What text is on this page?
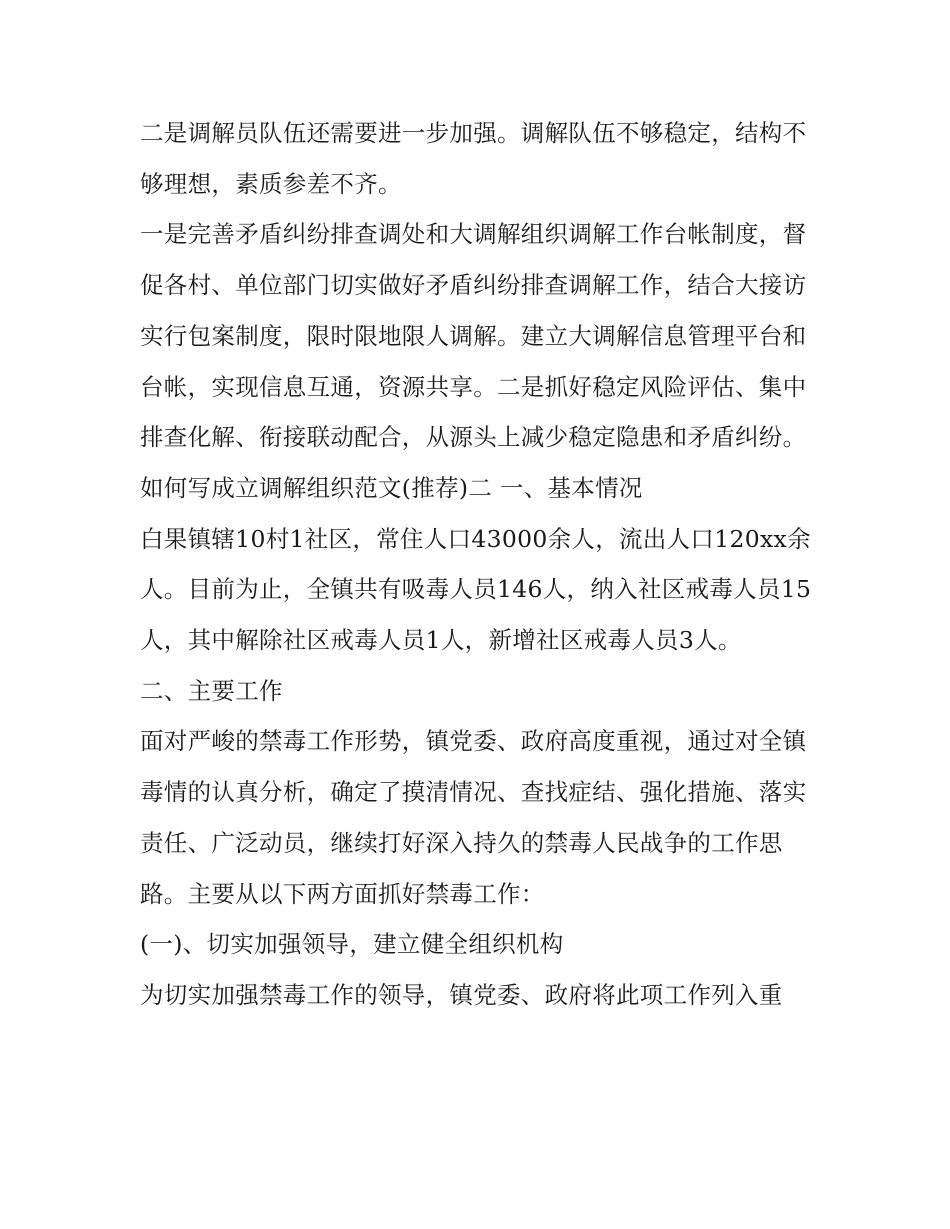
二是调解员队伍还需要进一步加强。调解队伍不够稳定，结构不够理想，素质参差不齐。

一是完善矛盾纠纷排查调处和大调解组织调解工作台帐制度，督促各村、单位部门切实做好矛盾纠纷排查调解工作，结合大接访实行包案制度，限时限地限人调解。建立大调解信息管理平台和台帐，实现信息互通，资源共享。二是抓好稳定风险评估、集中排查化解、衔接联动配合，从源头上减少稳定隐患和矛盾纠纷。

如何写成立调解组织范文(推荐)二 一、基本情况

白果镇辖10村1社区，常住人口43000余人，流出人口120xx余人。目前为止，全镇共有吸毒人员146人，纳入社区戒毒人员15人，其中解除社区戒毒人员1人，新增社区戒毒人员3人。

二、主要工作

面对严峻的禁毒工作形势，镇党委、政府高度重视，通过对全镇毒情的认真分析，确定了摸清情况、查找症结、强化措施、落实责任、广泛动员，继续打好深入持久的禁毒人民战争的工作思路。主要从以下两方面抓好禁毒工作：

(一)、切实加强领导，建立健全组织机构

为切实加强禁毒工作的领导，镇党委、政府将此项工作列入重
